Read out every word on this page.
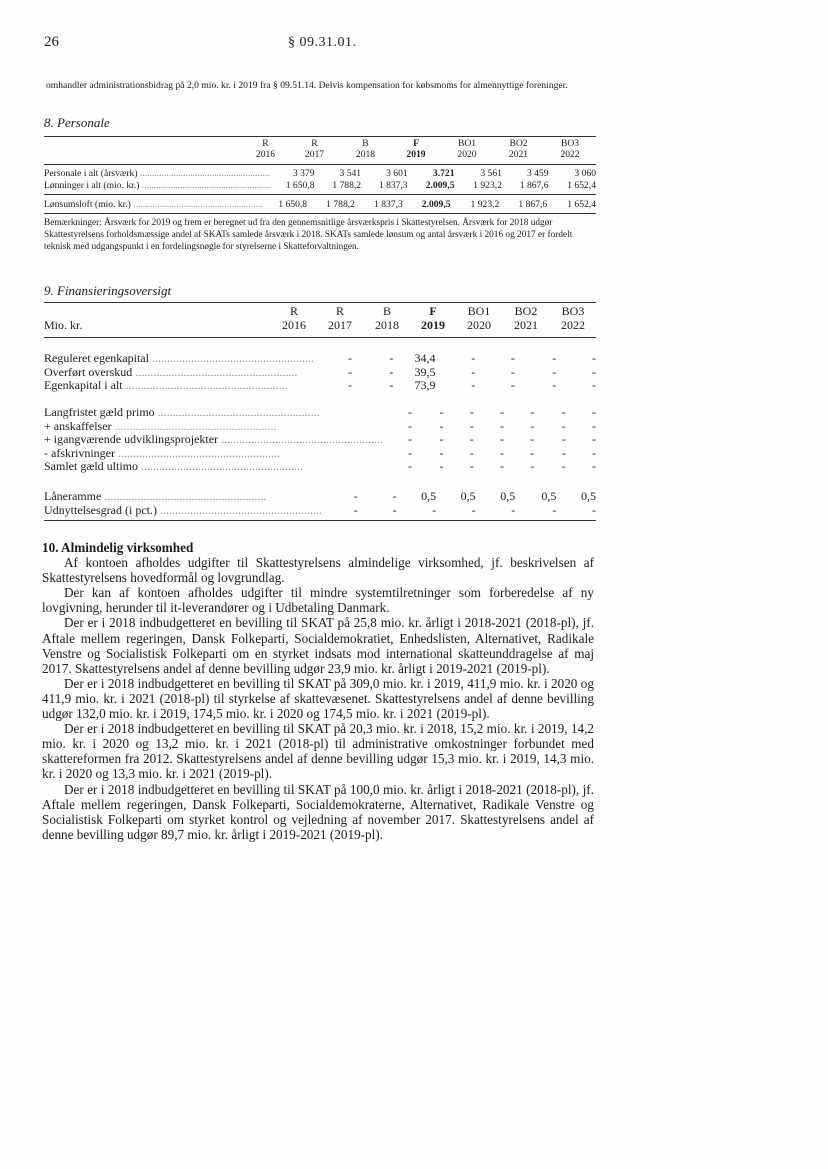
26	§ 09.31.01.
omhandler administrationsbidrag på 2,0 mio. kr. i 2019 fra § 09.51.14. Delvis kompensation for købsmoms for almennyttige foreninger.
8. Personale
	R	R	B	F	BO1	BO2	BO3
	2016	2017	2018	2019	2020	2021	2022
Personale i alt (årsværk) ......................................................	3 379	3 541	3 601	3.721	3 561	3 459	3 060
Lønninger i alt (mio. kr.) ......................................................	1 650,8	1 788,2	1 837,3	2.009,5	1 923,2	1 867,6	1 652,4
Lønsumsloft (mio. kr.) ......................................................	1 650,8	1 788,2	1 837,3	2.009,5	1 923,2	1 867,6	1 652,4
Bemærkninger: Årsværk for 2019 og frem er beregnet ud fra den gennemsnitlige årsværkspris i Skattestyrelsen. Årsværk for 2018 udgør Skattestyrelsens forholdsmæssige andel af SKATs samlede årsværk i 2018. SKATs samlede lønsum og antal årsværk i 2016 og 2017 er fordelt teknisk med udgangspunkt i en fordelingsnøgle for styrelserne i Skatteforvaltningen.
9. Finansieringsoversigt
	R	R	B	F	BO1	BO2	BO3
Mio. kr.	2016	2017	2018	2019	2020	2021	2022
Reguleret egenkapital ......................................................	-	-	34,4	-	-	-	-
Overført overskud ......................................................	-	-	39,5	-	-	-	-
Egenkapital i alt ......................................................	-	-	73,9	-	-	-	-
Langfristet gæld primo ......................................................	-	-	-	-	-	-	-
+ anskaffelser ......................................................	-	-	-	-	-	-	-
+ igangværende udviklingsprojekter ......................................................	-	-	-	-	-	-	-
- afskrivninger ......................................................	-	-	-	-	-	-	-
Samlet gæld ultimo ......................................................	-	-	-	-	-	-	-
Låneramme ......................................................	-	-	0,5	0,5	0,5	0,5	0,5
Udnyttelsesgrad (i pct.) ......................................................	-	-	-	-	-	-	-
10. Almindelig virksomhed

Af kontoen afholdes udgifter til Skattestyrelsens almindelige virksomhed, jf. beskrivelsen af Skattestyrelsens hovedformål og lovgrundlag.

Der kan af kontoen afholdes udgifter til mindre systemtilretninger som forberedelse af ny lovgivning, herunder til it-leverandører og i Udbetaling Danmark.

Der er i 2018 indbudgetteret en bevilling til SKAT på 25,8 mio. kr. årligt i 2018-2021 (2018-pl), jf. Aftale mellem regeringen, Dansk Folkeparti, Socialdemokratiet, Enhedslisten, Alternativet, Radikale Venstre og Socialistisk Folkeparti om en styrket indsats mod international skatteunddragelse af maj 2017. Skattestyrelsens andel af denne bevilling udgør 23,9 mio. kr. årligt i 2019-2021 (2019-pl).

Der er i 2018 indbudgetteret en bevilling til SKAT på 309,0 mio. kr. i 2019, 411,9 mio. kr. i 2020 og 411,9 mio. kr. i 2021 (2018-pl) til styrkelse af skattevæsenet. Skattestyrelsens andel af denne bevilling udgør 132,0 mio. kr. i 2019, 174,5 mio. kr. i 2020 og 174,5 mio. kr. i 2021 (2019-pl).

Der er i 2018 indbudgetteret en bevilling til SKAT på 20,3 mio. kr. i 2018, 15,2 mio. kr. i 2019, 14,2 mio. kr. i 2020 og 13,2 mio. kr. i 2021 (2018-pl) til administrative omkostninger forbundet med skattereformen fra 2012. Skattestyrelsens andel af denne bevilling udgør 15,3 mio. kr. i 2019, 14,3 mio. kr. i 2020 og 13,3 mio. kr. i 2021 (2019-pl).

Der er i 2018 indbudgetteret en bevilling til SKAT på 100,0 mio. kr. årligt i 2018-2021 (2018-pl), jf. Aftale mellem regeringen, Dansk Folkeparti, Socialdemokraterne, Alternativet, Radikale Venstre og Socialistisk Folkeparti om styrket kontrol og vejledning af november 2017. Skattestyrelsens andel af denne bevilling udgør 89,7 mio. kr. årligt i 2019-2021 (2019-pl).
